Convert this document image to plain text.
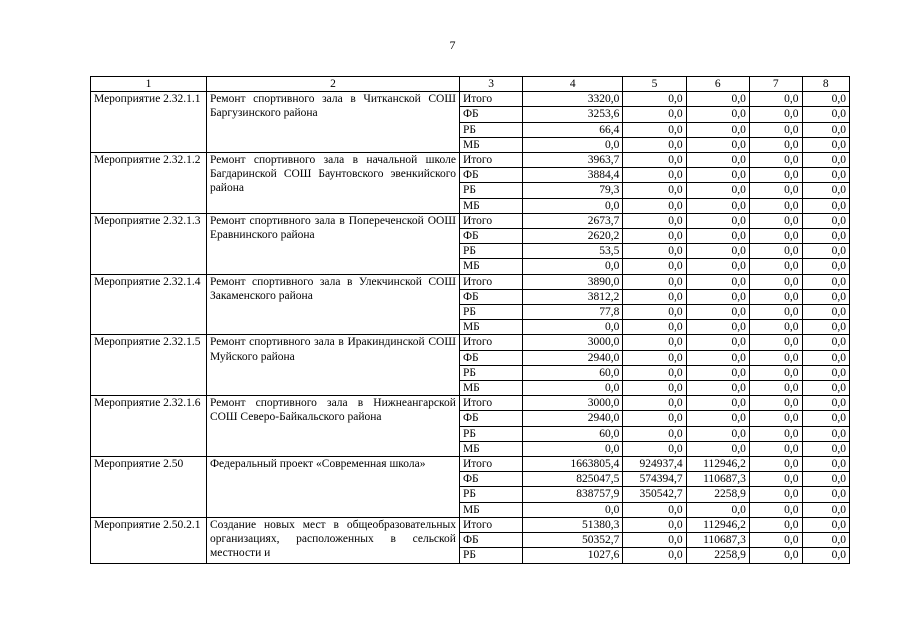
7
1	2	3	4	5	6	7	8
Мероприятие 2.32.1.1	Ремонт спортивного зала в Читканской СОШ Баргузинского района	Итого	3320,0	0,0	0,0	0,0	0,0
		ФБ	3253,6	0,0	0,0	0,0	0,0
		РБ	66,4	0,0	0,0	0,0	0,0
		МБ	0,0	0,0	0,0	0,0	0,0
Мероприятие 2.32.1.2	Ремонт спортивного зала в начальной школе Багдаринской СОШ Баунтовского эвенкийского района	Итого	3963,7	0,0	0,0	0,0	0,0
		ФБ	3884,4	0,0	0,0	0,0	0,0
		РБ	79,3	0,0	0,0	0,0	0,0
		МБ	0,0	0,0	0,0	0,0	0,0
Мероприятие 2.32.1.3	Ремонт спортивного зала в Попереченской ООШ Еравнинского района	Итого	2673,7	0,0	0,0	0,0	0,0
		ФБ	2620,2	0,0	0,0	0,0	0,0
		РБ	53,5	0,0	0,0	0,0	0,0
		МБ	0,0	0,0	0,0	0,0	0,0
Мероприятие 2.32.1.4	Ремонт спортивного зала в Улекчинской СОШ Закаменского района	Итого	3890,0	0,0	0,0	0,0	0,0
		ФБ	3812,2	0,0	0,0	0,0	0,0
		РБ	77,8	0,0	0,0	0,0	0,0
		МБ	0,0	0,0	0,0	0,0	0,0
Мероприятие 2.32.1.5	Ремонт спортивного зала в Иракиндинской СОШ Муйского района	Итого	3000,0	0,0	0,0	0,0	0,0
		ФБ	2940,0	0,0	0,0	0,0	0,0
		РБ	60,0	0,0	0,0	0,0	0,0
		МБ	0,0	0,0	0,0	0,0	0,0
Мероприятие 2.32.1.6	Ремонт спортивного зала в Нижнеангарской СОШ Северо-Байкальского района	Итого	3000,0	0,0	0,0	0,0	0,0
		ФБ	2940,0	0,0	0,0	0,0	0,0
		РБ	60,0	0,0	0,0	0,0	0,0
		МБ	0,0	0,0	0,0	0,0	0,0
Мероприятие 2.50	Федеральный проект «Современная школа»	Итого	1663805,4	924937,4	112946,2	0,0	0,0
		ФБ	825047,5	574394,7	110687,3	0,0	0,0
		РБ	838757,9	350542,7	2258,9	0,0	0,0
		МБ	0,0	0,0	0,0	0,0	0,0
Мероприятие 2.50.2.1	Создание новых мест в общеобразовательных организациях, расположенных в сельской местности и	Итого	51380,3	0,0	112946,2	0,0	0,0
		ФБ	50352,7	0,0	110687,3	0,0	0,0
		РБ	1027,6	0,0	2258,9	0,0	0,0
